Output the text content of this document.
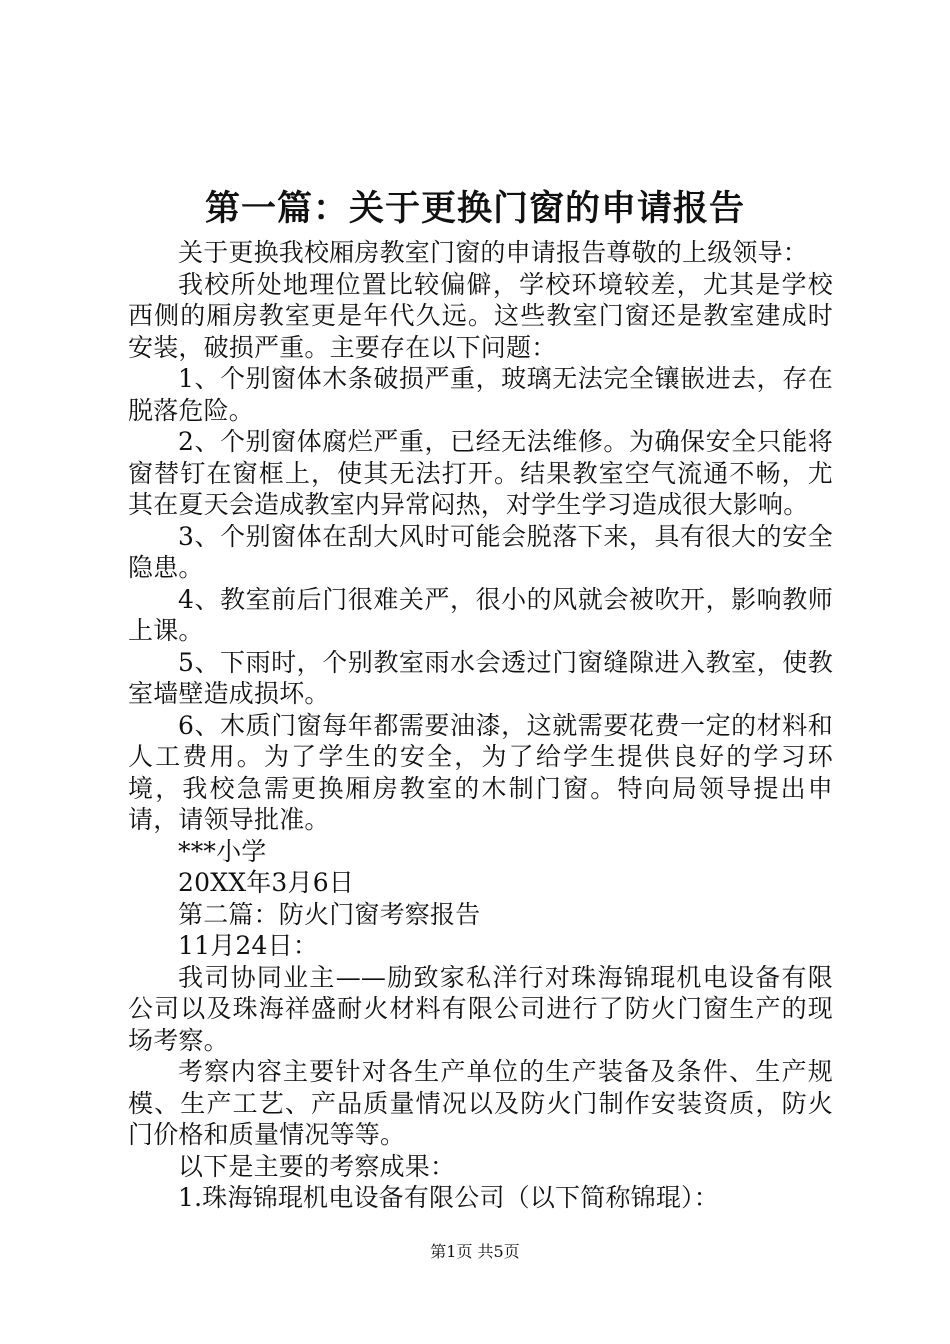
第一篇：关于更换门窗的申请报告

关于更换我校厢房教室门窗的申请报告尊敬的上级领导：

我校所处地理位置比较偏僻，学校环境较差，尤其是学校西侧的厢房教室更是年代久远。这些教室门窗还是教室建成时安装，破损严重。主要存在以下问题：

1、个别窗体木条破损严重，玻璃无法完全镶嵌进去，存在脱落危险。

2、个别窗体腐烂严重，已经无法维修。为确保安全只能将窗替钉在窗框上，使其无法打开。结果教室空气流通不畅，尤其在夏天会造成教室内异常闷热，对学生学习造成很大影响。

3、个别窗体在刮大风时可能会脱落下来，具有很大的安全隐患。

4、教室前后门很难关严，很小的风就会被吹开，影响教师上课。

5、下雨时，个别教室雨水会透过门窗缝隙进入教室，使教室墙壁造成损坏。

6、木质门窗每年都需要油漆，这就需要花费一定的材料和人工费用。为了学生的安全，为了给学生提供良好的学习环境，我校急需更换厢房教室的木制门窗。特向局领导提出申请，请领导批准。

***小学

20XX年3月6日

第二篇：防火门窗考察报告

11月24日：

我司协同业主——励致家私洋行对珠海锦琨机电设备有限公司以及珠海祥盛耐火材料有限公司进行了防火门窗生产的现场考察。

考察内容主要针对各生产单位的生产装备及条件、生产规模、生产工艺、产品质量情况以及防火门制作安装资质，防火门价格和质量情况等等。

以下是主要的考察成果：

1.珠海锦琨机电设备有限公司（以下简称锦琨）：

第1页 共5页
